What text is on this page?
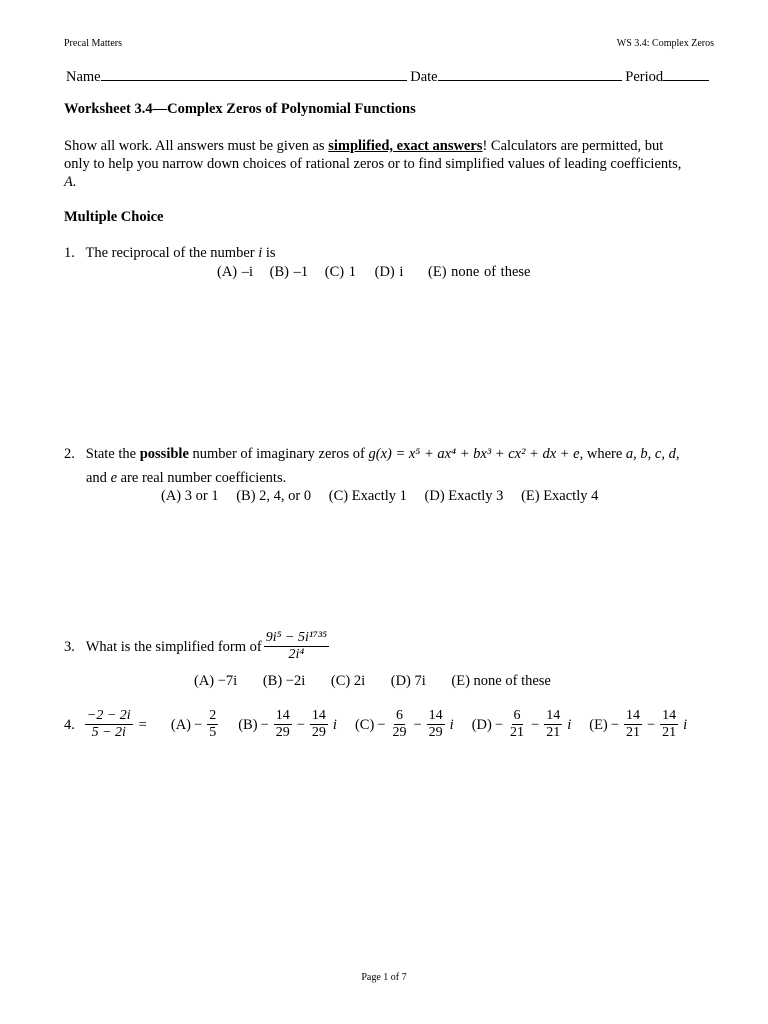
Precal Matters	WS 3.4: Complex Zeros
Name	Date	Period
Worksheet 3.4—Complex Zeros of Polynomial Functions
Show all work. All answers must be given as simplified, exact answers! Calculators are permitted, but
only to help you narrow down choices of rational zeros or to find simplified values of leading coefficients,
A.
Multiple Choice
1. The reciprocal of the number i is
(A) –i (B) –1 (C) 1 (D) i (E) none of these
2. State the possible number of imaginary zeros of g(x) = x⁵ + ax⁴ + bx³ + cx² + dx + e, where a, b, c, d,
and e are real number coefficients.
(A) 3 or 1 (B) 2, 4, or 0 (C) Exactly 1 (D) Exactly 3 (E) Exactly 4
3.
What is the simplified form of $\frac{\text{9i⁵ − 5i¹⁷³⁵}}{\text{2i⁴}}$
(A) −7i (B) −2i (C) 2i (D) 7i (E) none of these
4. $\frac{-2 - 2i}{5 - 2i} = (A) - \frac{2}{5} (B) - \frac{14}{29} - \frac{14}{29}$ i $(C) - \frac{6}{29} - \frac{14}{29}$ i $(D) - \frac{6}{21} - \frac{14}{21}$ i $(E) - \frac{14}{21} - \frac{14}{21}$ i
Page 1 of 7
